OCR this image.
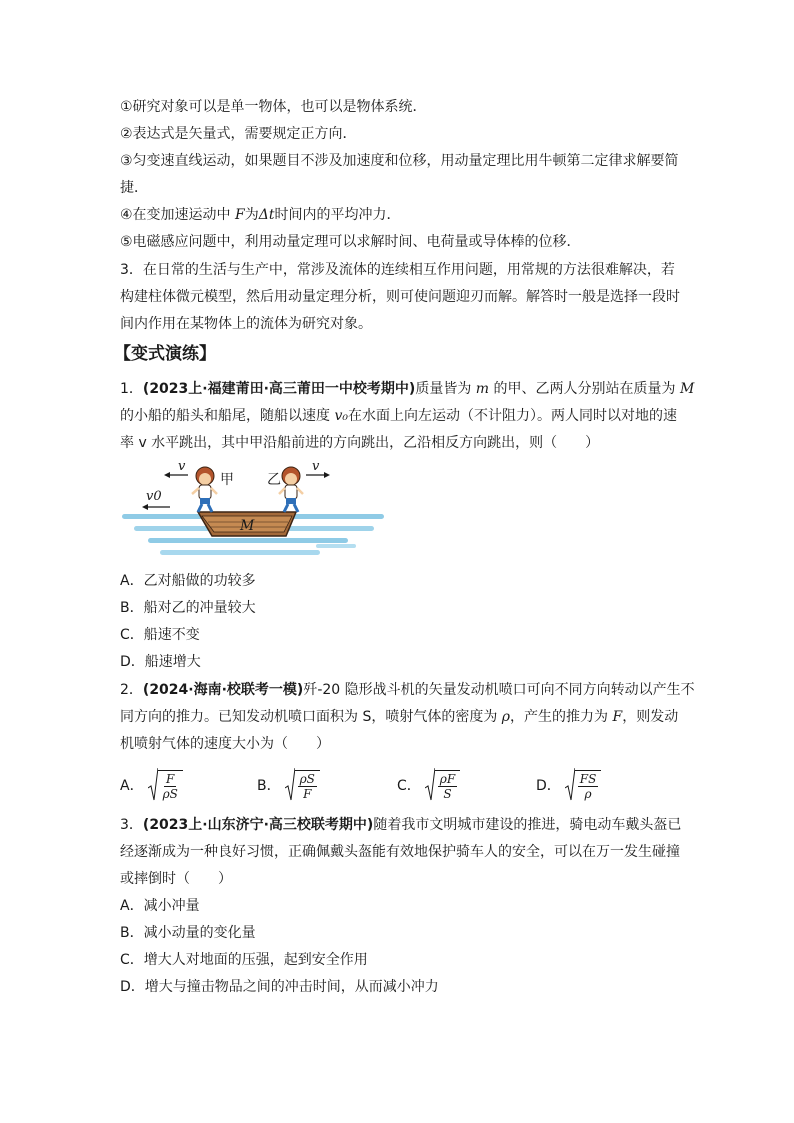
①研究对象可以是单一物体，也可以是物体系统．
②表达式是矢量式，需要规定正方向．
③匀变速直线运动，如果题目不涉及加速度和位移，用动量定理比用牛顿第二定律求解要简
捷．
④在变加速运动中 F为Δt时间内的平均冲力．
⑤电磁感应问题中，利用动量定理可以求解时间、电荷量或导体棒的位移．
3．在日常的生活与生产中，常涉及流体的连续相互作用问题，用常规的方法很难解决，若
构建柱体微元模型，然后用动量定理分析，则可使问题迎刃而解。解答时一般是选择一段时
间内作用在某物体上的流体为研究对象。
【变式演练】
1．(2023上·福建莆田·高三莆田一中校考期中)质量皆为 m 的甲、乙两人分别站在质量为 M
的小船的船头和船尾，随船以速度 v₀在水面上向左运动（不计阻力）。两人同时以对地的速
率 v 水平跳出，其中甲沿船前进的方向跳出，乙沿相反方向跳出，则（　　）
M
甲 乙
v	v
v0
A．乙对船做的功较多
B．船对乙的冲量较大
C．船速不变
D．船速增大
2．(2024·海南·校联考一模)歼-20 隐形战斗机的矢量发动机喷口可向不同方向转动以产生不
同方向的推力。已知发动机喷口面积为 S，喷射气体的密度为 ρ，产生的推力为 F，则发动
机喷射气体的速度大小为（　　）
A． $\frac{F}{\rho S}$	B． $\frac{\rho S}{F}$	C． $\frac{\rho F}{S}$	D． $\frac{FS}{\rho}$
3．(2023上·山东济宁·高三校联考期中)随着我市文明城市建设的推进，骑电动车戴头盔已
经逐渐成为一种良好习惯，正确佩戴头盔能有效地保护骑车人的安全，可以在万一发生碰撞
或摔倒时（　　）
A．减小冲量
B．减小动量的变化量
C．增大人对地面的压强，起到安全作用
D．增大与撞击物品之间的冲击时间，从而减小冲力
